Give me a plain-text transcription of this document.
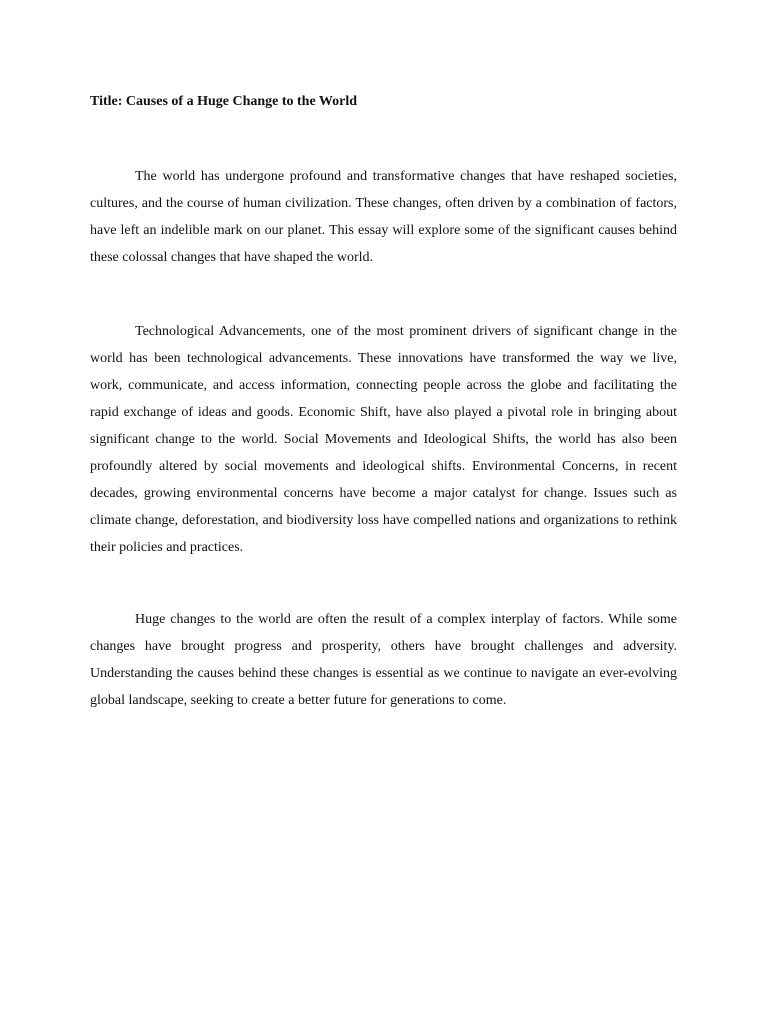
Title: Causes of a Huge Change to the World

The world has undergone profound and transformative changes that have reshaped societies, cultures, and the course of human civilization. These changes, often driven by a combination of factors, have left an indelible mark on our planet. This essay will explore some of the significant causes behind these colossal changes that have shaped the world.

Technological Advancements, one of the most prominent drivers of significant change in the world has been technological advancements. These innovations have transformed the way we live, work, communicate, and access information, connecting people across the globe and facilitating the rapid exchange of ideas and goods. Economic Shift, have also played a pivotal role in bringing about significant change to the world. Social Movements and Ideological Shifts, the world has also been profoundly altered by social movements and ideological shifts. Environmental Concerns, in recent decades, growing environmental concerns have become a major catalyst for change. Issues such as climate change, deforestation, and biodiversity loss have compelled nations and organizations to rethink their policies and practices.

Huge changes to the world are often the result of a complex interplay of factors. While some changes have brought progress and prosperity, others have brought challenges and adversity. Understanding the causes behind these changes is essential as we continue to navigate an ever-evolving global landscape, seeking to create a better future for generations to come.
